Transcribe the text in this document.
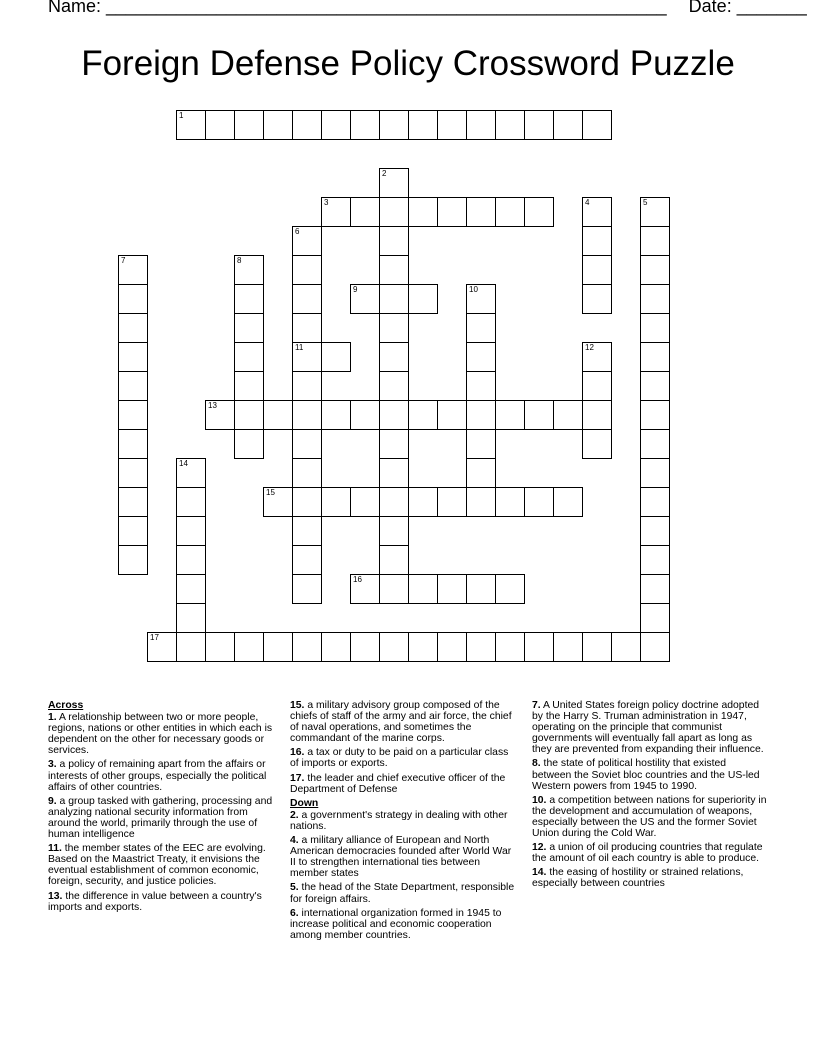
Name: ________________________________________________________ Date: _______
Foreign Defense Policy Crossword Puzzle
1
2
3	4	5
6
11
7	8
9	10
12
13
14
15
16
17
Across
1. A relationship between two or more people, regions, nations or other entities in which each is dependent on the other for necessary goods or services.
3. a policy of remaining apart from the affairs or interests of other groups, especially the political affairs of other countries.
9. a group tasked with gathering, processing and analyzing national security information from around the world, primarily through the use of human intelligence
11. the member states of the EEC are evolving. Based on the Maastrict Treaty, it envisions the eventual establishment of common economic, foreign, security, and justice policies.
13. the difference in value between a country's imports and exports.
15. a military advisory group composed of the chiefs of staff of the army and air force, the chief of naval operations, and sometimes the commandant of the marine corps.
16. a tax or duty to be paid on a particular class of imports or exports.
17. the leader and chief executive officer of the Department of Defense
Down
2. a government's strategy in dealing with other nations.
4. a military alliance of European and North American democracies founded after World War II to strengthen international ties between member states
5. the head of the State Department, responsible for foreign affairs.
6. international organization formed in 1945 to increase political and economic cooperation among member countries.
7. A United States foreign policy doctrine adopted by the Harry S. Truman administration in 1947, operating on the principle that communist governments will eventually fall apart as long as they are prevented from expanding their influence.
8. the state of political hostility that existed between the Soviet bloc countries and the US-led Western powers from 1945 to 1990.
10. a competition between nations for superiority in the development and accumulation of weapons, especially between the US and the former Soviet Union during the Cold War.
12. a union of oil producing countries that regulate the amount of oil each country is able to produce.
14. the easing of hostility or strained relations, especially between countries
